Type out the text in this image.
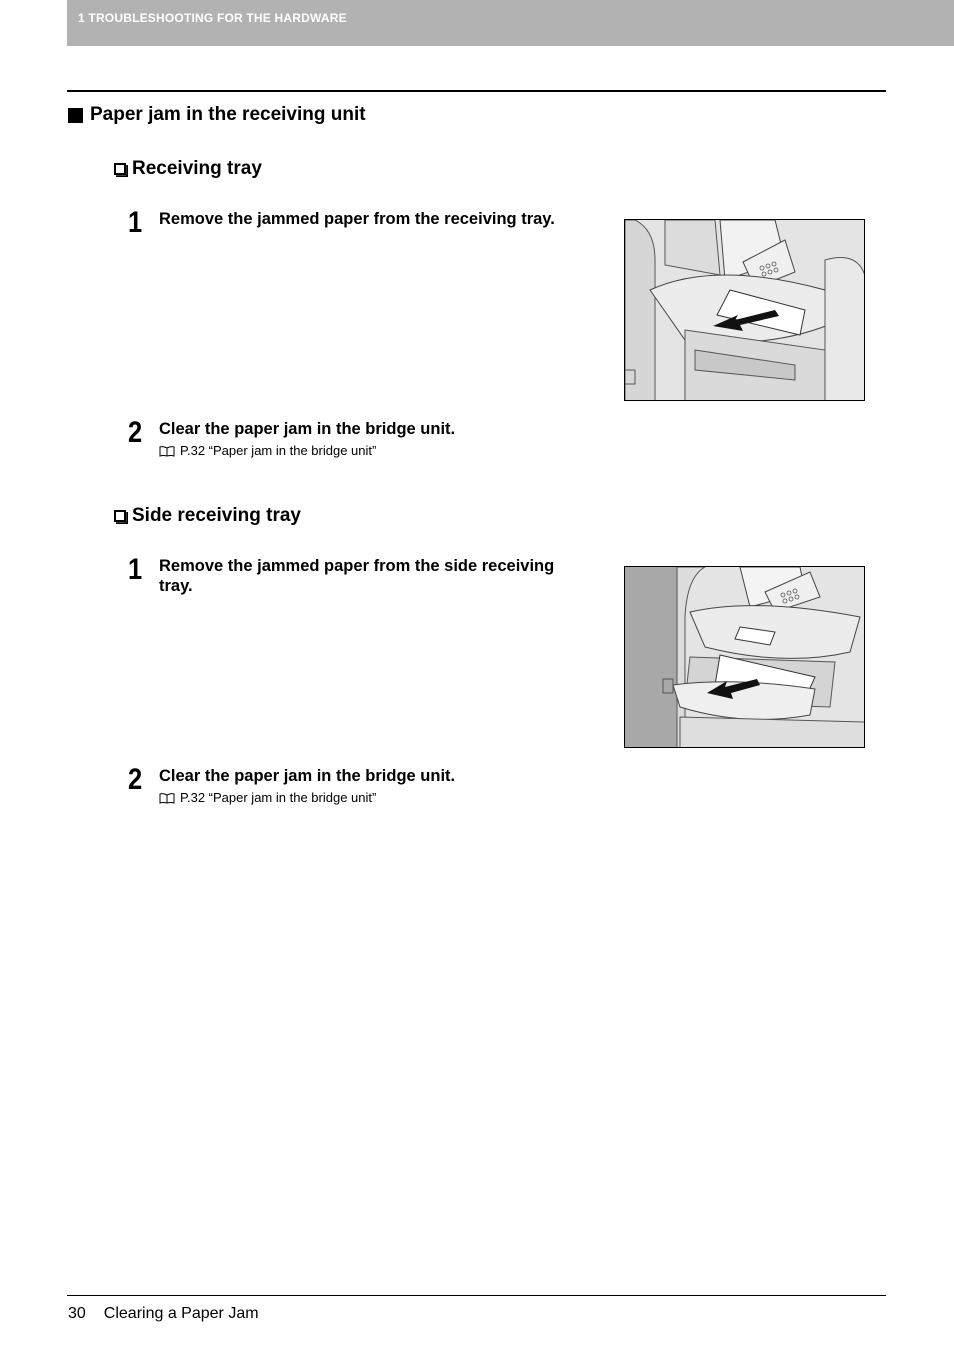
1 TROUBLESHOOTING FOR THE HARDWARE
Paper jam in the receiving unit
Receiving tray
1 Remove the jammed paper from the receiving tray.
2 Clear the paper jam in the bridge unit.
P.32 “Paper jam in the bridge unit”
Side receiving tray
1 Remove the jammed paper from the side receiving tray.
2 Clear the paper jam in the bridge unit.
P.32 “Paper jam in the bridge unit”
30 Clearing a Paper Jam
